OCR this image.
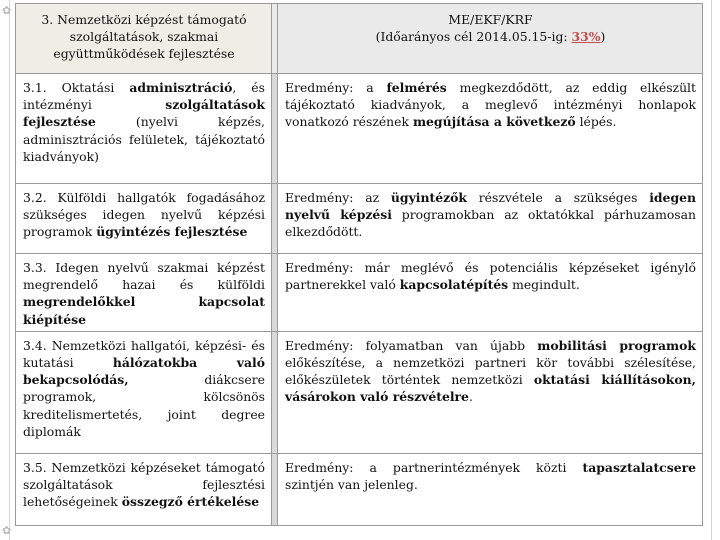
✿
✿
3. Nemzetközi képzést támogató szolgáltatások, szakmai együttműködések fejlesztése		ME/EKF/KRF
(Időarányos cél 2014.05.15-ig: 33%)

3.1. Oktatási adminisztráció, és intézményi szolgáltatások fejlesztése (nyelvi képzés, adminisztrációs felületek, tájékoztató kiadványok)		Eredmény: a felmérés megkezdődött, az eddig elkészült tájékoztató kiadványok, a meglevő intézményi honlapok vonatkozó részének megújítása a következő lépés.
3.2. Külföldi hallgatók fogadásához szükséges idegen nyelvű képzési programok ügyintézés fejlesztése		Eredmény: az ügyintézők részvétele a szükséges idegen nyelvű képzési programokban az oktatókkal párhuzamosan elkezdődött.
3.3. Idegen nyelvű szakmai képzést megrendelő hazai és külföldi megrendelőkkel kapcsolat kiépítése		Eredmény: már meglévő és potenciális képzéseket igénylő partnerekkel való kapcsolatépítés megindult.
3.4. Nemzetközi hallgatói, képzési- és kutatási hálózatokba való bekapcsolódás, diákcsere programok, kölcsönös kreditelismertetés, joint degree diplomák		Eredmény: folyamatban van újabb mobilitási programok előkészítése, a nemzetközi partneri kör további szélesítése, előkészületek történtek nemzetközi oktatási kiállításokon, vásárokon való részvételre.
3.5. Nemzetközi képzéseket támogató szolgáltatások fejlesztési lehetőségeinek összegző értékelése		Eredmény: a partnerintézmények közti tapasztalatcsere szintjén van jelenleg.
